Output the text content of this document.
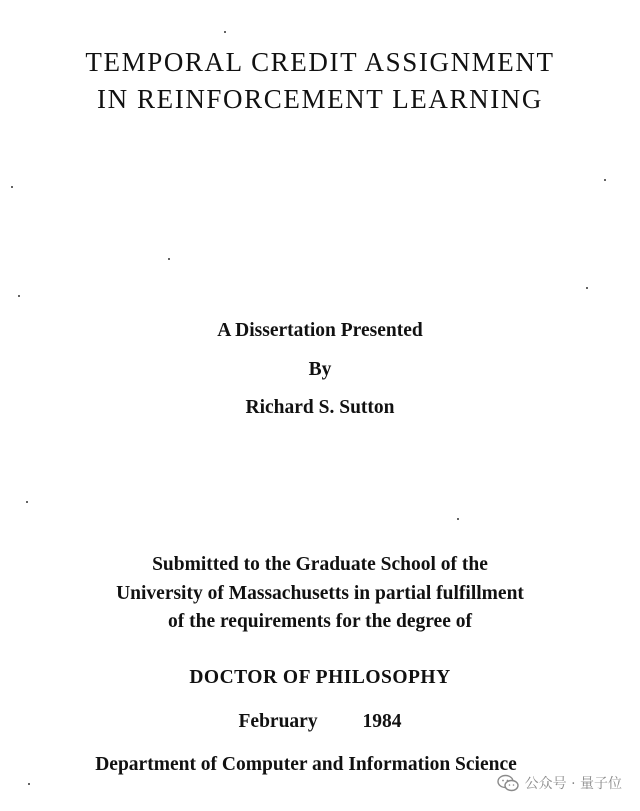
TEMPORAL CREDIT ASSIGNMENT
IN REINFORCEMENT LEARNING
A Dissertation Presented
By
Richard S. Sutton
Submitted to the Graduate School of the
University of Massachusetts in partial fulfillment
of the requirements for the degree of
DOCTOR OF PHILOSOPHY
February 1984
Department of Computer and Information Science
公众号 · 量子位
